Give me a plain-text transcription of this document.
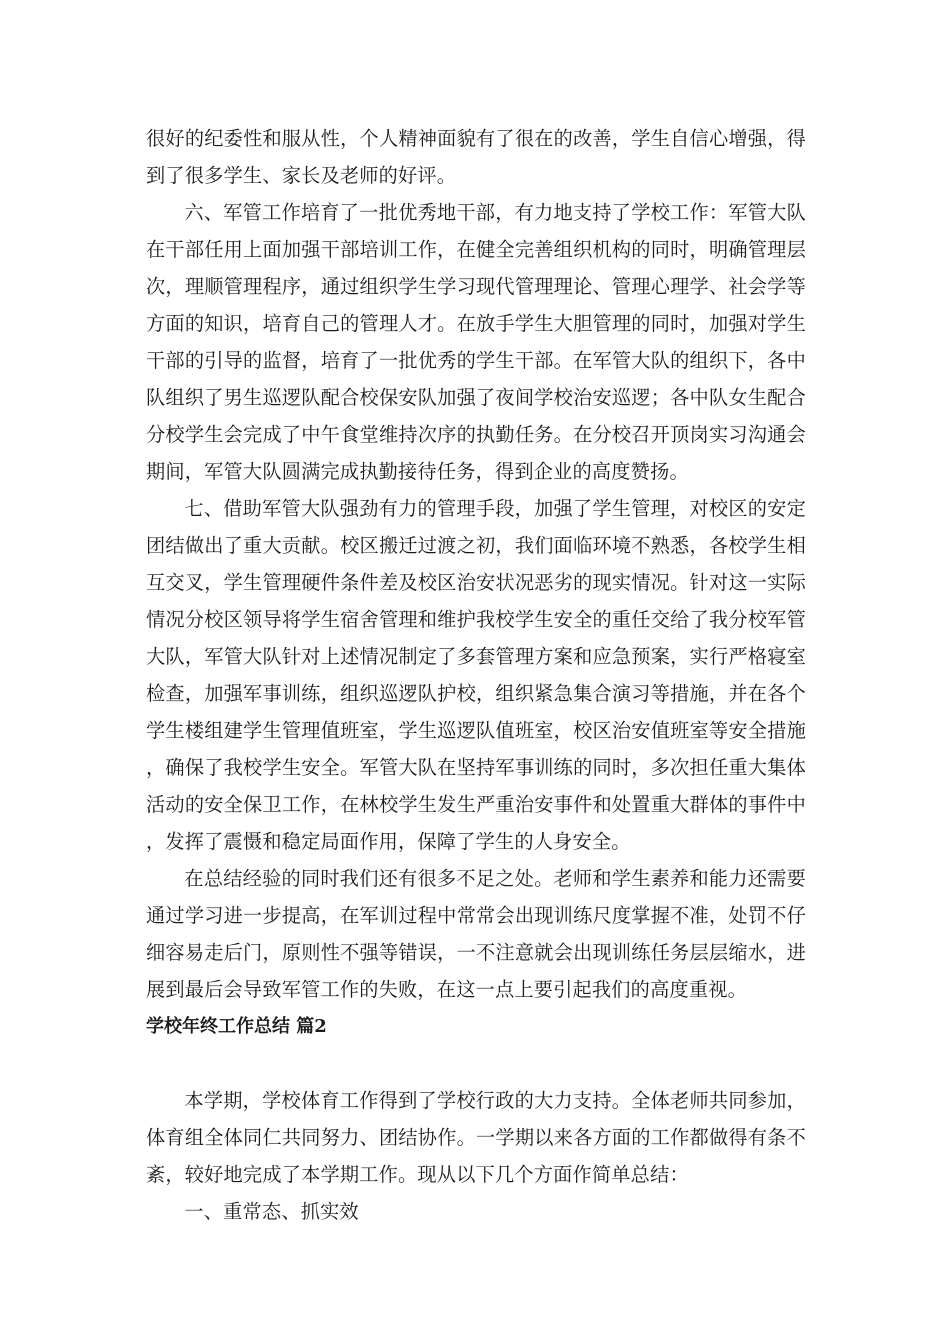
很好的纪委性和服从性，个人精神面貌有了很在的改善，学生自信心增强，得到了很多学生、家长及老师的好评。

六、军管工作培育了一批优秀地干部，有力地支持了学校工作：军管大队在干部任用上面加强干部培训工作，在健全完善组织机构的同时，明确管理层次，理顺管理程序，通过组织学生学习现代管理理论、管理心理学、社会学等方面的知识，培育自己的管理人才。在放手学生大胆管理的同时，加强对学生干部的引导的监督，培育了一批优秀的学生干部。在军管大队的组织下，各中队组织了男生巡逻队配合校保安队加强了夜间学校治安巡逻；各中队女生配合分校学生会完成了中午食堂维持次序的执勤任务。在分校召开顶岗实习沟通会期间，军管大队圆满完成执勤接待任务，得到企业的高度赞扬。

七、借助军管大队强劲有力的管理手段，加强了学生管理，对校区的安定团结做出了重大贡献。校区搬迁过渡之初，我们面临环境不熟悉，各校学生相互交叉，学生管理硬件条件差及校区治安状况恶劣的现实情况。针对这一实际情况分校区领导将学生宿舍管理和维护我校学生安全的重任交给了我分校军管大队，军管大队针对上述情况制定了多套管理方案和应急预案，实行严格寝室检查，加强军事训练，组织巡逻队护校，组织紧急集合演习等措施，并在各个学生楼组建学生管理值班室，学生巡逻队值班室，校区治安值班室等安全措施，确保了我校学生安全。军管大队在坚持军事训练的同时，多次担任重大集体活动的安全保卫工作，在林校学生发生严重治安事件和处置重大群体的事件中，发挥了震慑和稳定局面作用，保障了学生的人身安全。

在总结经验的同时我们还有很多不足之处。老师和学生素养和能力还需要通过学习进一步提高，在军训过程中常常会出现训练尺度掌握不准，处罚不仔细容易走后门，原则性不强等错误，一不注意就会出现训练任务层层缩水，进展到最后会导致军管工作的失败，在这一点上要引起我们的高度重视。

学校年终工作总结 篇2

本学期，学校体育工作得到了学校行政的大力支持。全体老师共同参加，体育组全体同仁共同努力、团结协作。一学期以来各方面的工作都做得有条不紊，较好地完成了本学期工作。现从以下几个方面作简单总结：

一、重常态、抓实效
